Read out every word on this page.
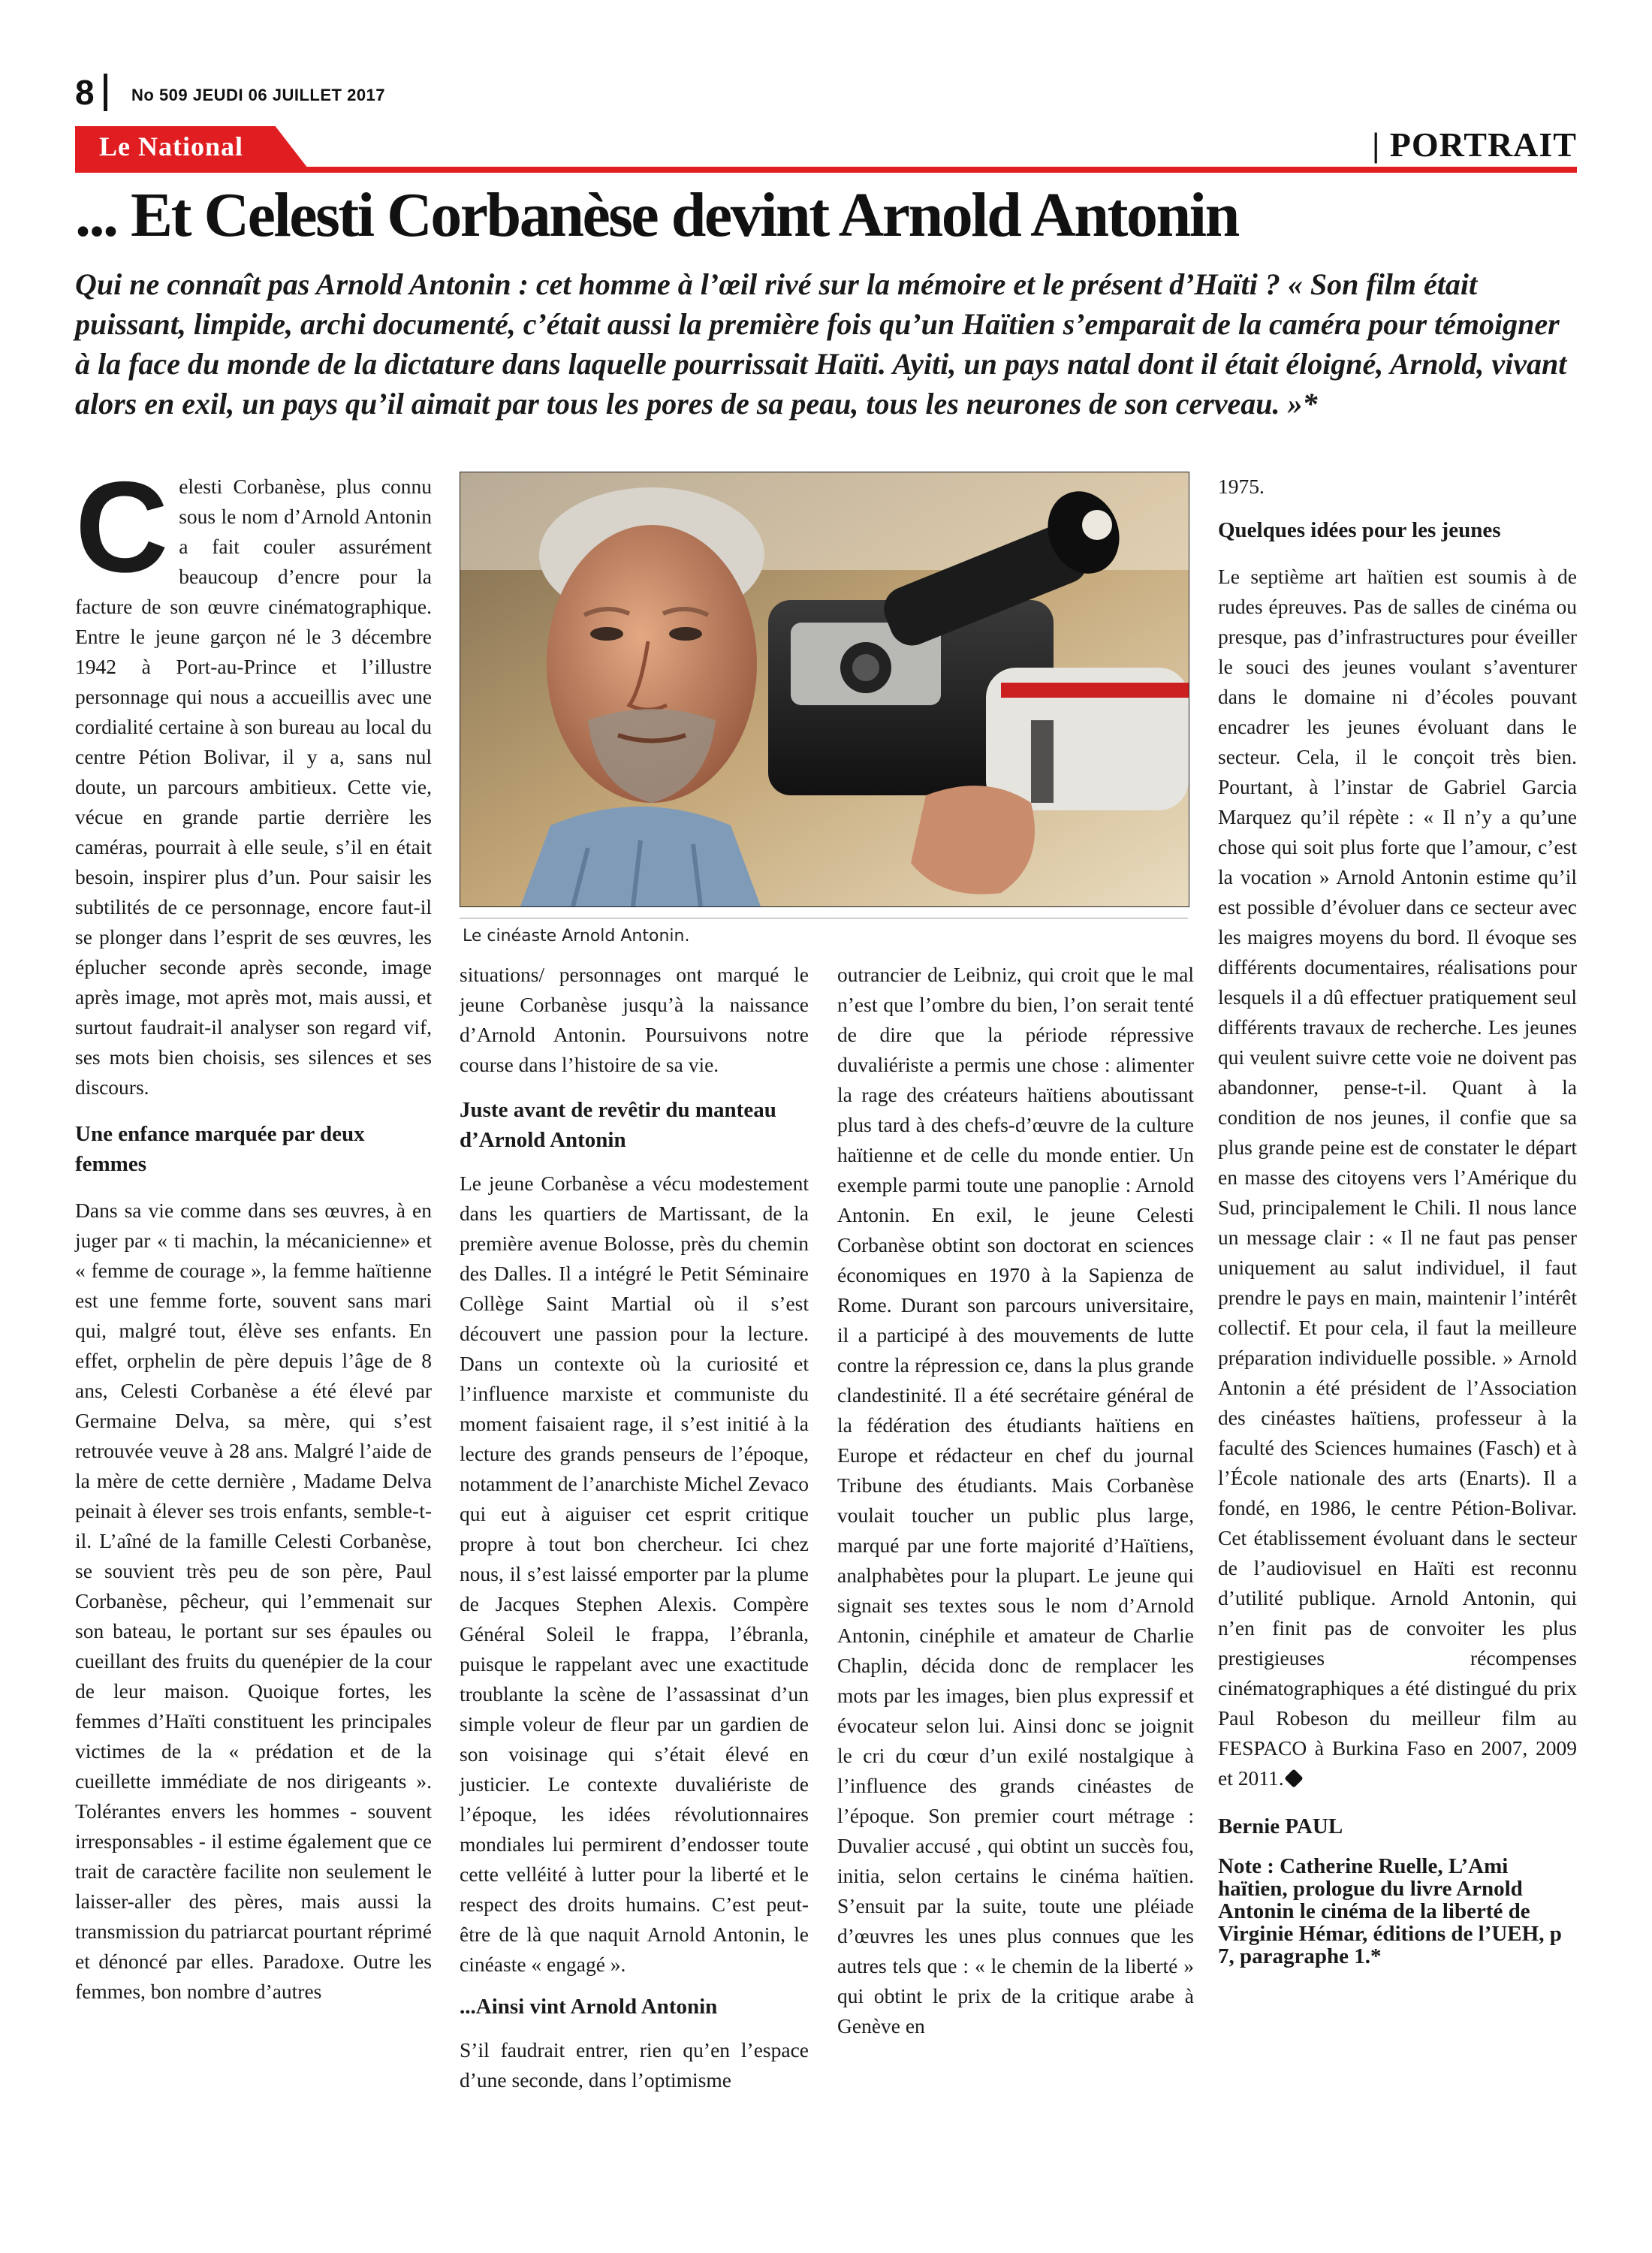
8 No 509 JEUDI 06 JUILLET 2017
Le National	| PORTRAIT
... Et Celesti Corbanèse devint Arnold Antonin

Qui ne connaît pas Arnold Antonin : cet homme à l’œil rivé sur la mémoire et le présent d’Haïti ? « Son film était puissant, limpide, archi documenté, c’était aussi la première fois qu’un Haïtien s’emparait de la caméra pour témoigner à la face du monde de la dictature dans laquelle pourrissait Haïti. Ayiti, un pays natal dont il était éloigné, Arnold, vivant alors en exil, un pays qu’il aimait par tous les pores de sa peau, tous les neurones de son cerveau. »*

Celesti Corbanèse, plus connu sous le nom d’Arnold Antonin a fait couler assurément beaucoup d’encre pour la facture de son œuvre cinématographique. Entre le jeune garçon né le 3 décembre 1942 à Port-au-Prince et l’illustre personnage qui nous a accueillis avec une cordialité certaine à son bureau au local du centre Pétion Bolivar, il y a, sans nul doute, un parcours ambitieux. Cette vie, vécue en grande partie derrière les caméras, pourrait à elle seule, s’il en était besoin, inspirer plus d’un. Pour saisir les subtilités de ce personnage, encore faut-il se plonger dans l’esprit de ses œuvres, les éplucher seconde après seconde, image après image, mot après mot, mais aussi, et surtout faudrait-il analyser son regard vif, ses mots bien choisis, ses silences et ses discours.

Une enfance marquée par deux femmes

Dans sa vie comme dans ses œuvres, à en juger par « ti machin, la mécanicienne» et « femme de courage », la femme haïtienne est une femme forte, souvent sans mari qui, malgré tout, élève ses enfants. En effet, orphelin de père depuis l’âge de 8 ans, Celesti Corbanèse a été élevé par Germaine Delva, sa mère, qui s’est retrouvée veuve à 28 ans. Malgré l’aide de la mère de cette dernière , Madame Delva peinait à élever ses trois enfants, semble-t-il. L’aîné de la famille Celesti Corbanèse, se souvient très peu de son père, Paul Corbanèse, pêcheur, qui l’emmenait sur son bateau, le portant sur ses épaules ou cueillant des fruits du quenépier de la cour de leur maison. Quoique fortes, les femmes d’Haïti constituent les principales victimes de la « prédation et de la cueillette immédiate de nos dirigeants ». Tolérantes envers les hommes - souvent irresponsables - il estime également que ce trait de caractère facilite non seulement le laisser-aller des pères, mais aussi la transmission du patriarcat pourtant réprimé et dénoncé par elles. Paradoxe. Outre les femmes, bon nombre d’autres

Le cinéaste Arnold Antonin.

situations/ personnages ont marqué le jeune Corbanèse jusqu’à la naissance d’Arnold Antonin. Poursuivons notre course dans l’histoire de sa vie.

Juste avant de revêtir du manteau d’Arnold Antonin

Le jeune Corbanèse a vécu modestement dans les quartiers de Martissant, de la première avenue Bolosse, près du chemin des Dalles. Il a intégré le Petit Séminaire Collège Saint Martial où il s’est découvert une passion pour la lecture. Dans un contexte où la curiosité et l’influence marxiste et communiste du moment faisaient rage, il s’est initié à la lecture des grands penseurs de l’époque, notamment de l’anarchiste Michel Zevaco qui eut à aiguiser cet esprit critique propre à tout bon chercheur. Ici chez nous, il s’est laissé emporter par la plume de Jacques Stephen Alexis. Compère Général Soleil le frappa, l’ébranla, puisque le rappelant avec une exactitude troublante la scène de l’assassinat d’un simple voleur de fleur par un gardien de son voisinage qui s’était élevé en justicier. Le contexte duvaliériste de l’époque, les idées révolutionnaires mondiales lui permirent d’endosser toute cette velléité à lutter pour la liberté et le respect des droits humains. C’est peut-être de là que naquit Arnold Antonin, le cinéaste « engagé ».

...Ainsi vint Arnold Antonin

S’il faudrait entrer, rien qu’en l’espace d’une seconde, dans l’optimisme

outrancier de Leibniz, qui croit que le mal n’est que l’ombre du bien, l’on serait tenté de dire que la période répressive duvaliériste a permis une chose : alimenter la rage des créateurs haïtiens aboutissant plus tard à des chefs-d’œuvre de la culture haïtienne et de celle du monde entier. Un exemple parmi toute une panoplie : Arnold Antonin. En exil, le jeune Celesti Corbanèse obtint son doctorat en sciences économiques en 1970 à la Sapienza de Rome. Durant son parcours universitaire, il a participé à des mouvements de lutte contre la répression ce, dans la plus grande clandestinité. Il a été secrétaire général de la fédération des étudiants haïtiens en Europe et rédacteur en chef du journal Tribune des étudiants. Mais Corbanèse voulait toucher un public plus large, marqué par une forte majorité d’Haïtiens, analphabètes pour la plupart. Le jeune qui signait ses textes sous le nom d’Arnold Antonin, cinéphile et amateur de Charlie Chaplin, décida donc de remplacer les mots par les images, bien plus expressif et évocateur selon lui. Ainsi donc se joignit le cri du cœur d’un exilé nostalgique à l’influence des grands cinéastes de l’époque. Son premier court métrage : Duvalier accusé , qui obtint un succès fou, initia, selon certains le cinéma haïtien. S’ensuit par la suite, toute une pléiade d’œuvres les unes plus connues que les autres tels que : « le chemin de la liberté » qui obtint le prix de la critique arabe à Genève en

1975.

Quelques idées pour les jeunes

Le septième art haïtien est soumis à de rudes épreuves. Pas de salles de cinéma ou presque, pas d’infrastructures pour éveiller le souci des jeunes voulant s’aventurer dans le domaine ni d’écoles pouvant encadrer les jeunes évoluant dans le secteur. Cela, il le conçoit très bien. Pourtant, à l’instar de Gabriel Garcia Marquez qu’il répète : « Il n’y a qu’une chose qui soit plus forte que l’amour, c’est la vocation » Arnold Antonin estime qu’il est possible d’évoluer dans ce secteur avec les maigres moyens du bord. Il évoque ses différents documentaires, réalisations pour lesquels il a dû effectuer pratiquement seul différents travaux de recherche. Les jeunes qui veulent suivre cette voie ne doivent pas abandonner, pense-t-il. Quant à la condition de nos jeunes, il confie que sa plus grande peine est de constater le départ en masse des citoyens vers l’Amérique du Sud, principalement le Chili. Il nous lance un message clair : « Il ne faut pas penser uniquement au salut individuel, il faut prendre le pays en main, maintenir l’intérêt collectif. Et pour cela, il faut la meilleure préparation individuelle possible. » Arnold Antonin a été président de l’Association des cinéastes haïtiens, professeur à la faculté des Sciences humaines (Fasch) et à l’École nationale des arts (Enarts). Il a fondé, en 1986, le centre Pétion-Bolivar. Cet établissement évoluant dans le secteur de l’audiovisuel en Haïti est reconnu d’utilité publique. Arnold Antonin, qui n’en finit pas de convoiter les plus prestigieuses récompenses cinématographiques a été distingué du prix Paul Robeson du meilleur film au FESPACO à Burkina Faso en 2007, 2009 et 2011.

Bernie PAUL

Note : Catherine Ruelle, L’Ami haïtien, prologue du livre Arnold Antonin le cinéma de la liberté de Virginie Hémar, éditions de l’UEH, p 7, paragraphe 1.*
